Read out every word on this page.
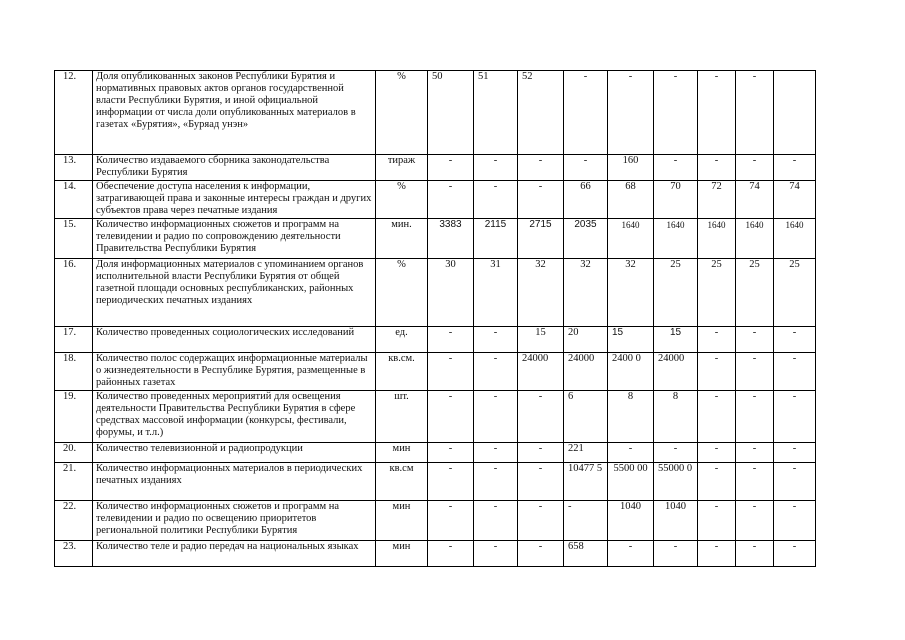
12.	Доля опубликованных законов Республики Бурятия и нормативных правовых актов органов государственной власти Республики Бурятия, и иной официальной информации от числа доли опубликованных материалов в газетах «Бурятия», «Буряад унэн»	%	50	51	52	-	-	-	-	-	
13.	Количество издаваемого сборника законодательства Республики Бурятия	тираж	-	-	-	-	160	-	-	-	-
14.	Обеспечение доступа населения к информации, затрагивающей права и законные интересы граждан и других субъектов права через печатные издания	%	-	-	-	66	68	70	72	74	74
15.	Количество информационных сюжетов и программ на телевидении и радио по сопровождению деятельности Правительства Республики Бурятия	мин.	3383	2115	2715	2035	1640	1640	1640	1640	1640
16.	Доля информационных материалов с упоминанием органов исполнительной власти Республики Бурятия от общей газетной площади основных республиканских, районных периодических печатных изданиях	%	30	31	32	32	32	25	25	25	25
17.	Количество проведенных социологических исследований	ед.	-	-	15	20	15	15	-	-	-
18.	Количество полос содержащих информационные материалы о жизнедеятельности в Республике Бурятия, размещенные в районных газетах	кв.см.	-	-	24000	24000	2400 0	24000	-	-	-
19.	Количество проведенных мероприятий для освещения деятельности Правительства Республики Бурятия в сфере средствах массовой информации (конкурсы, фестивали, форумы, и т.л.)	шт.	-	-	-	6	8	8	-	-	-
20.	Количество телевизионной и радиопродукции	мин	-	-	-	221	-	-	-	-	-
21.	Количество информационных материалов в периодических печатных изданиях	кв.см	-	-	-	10477 5	5500 00	55000 0	-	-	-
22.	Количество информационных сюжетов и программ на телевидении и радио по освещению приоритетов региональной политики Республики Бурятия	мин	-	-	-	-	1040	1040	-	-	-
23.	Количество теле и радио передач на национальных языках	мин	-	-	-	658	-	-	-	-	-
